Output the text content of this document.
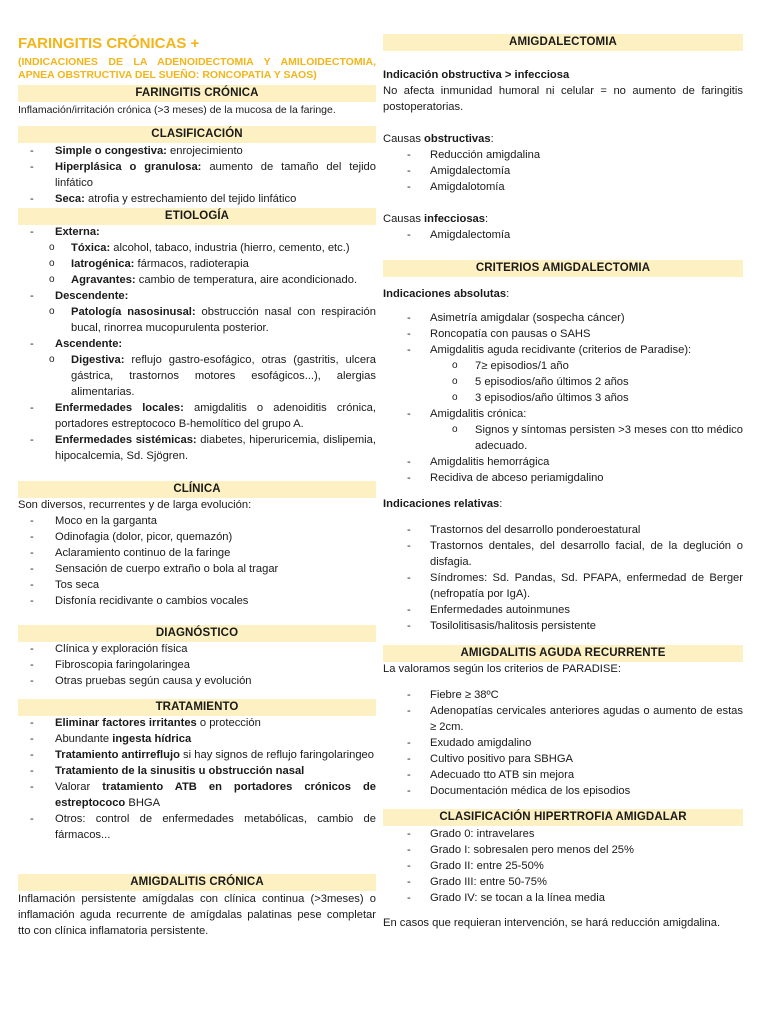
FARINGITIS CRÓNICAS +
(INDICACIONES DE LA ADENOIDECTOMIA Y AMILOIDECTOMIA, APNEA OBSTRUCTIVA DEL SUEÑO: RONCOPATIA Y SAOS)
FARINGITIS CRÓNICA
Inflamación/irritación crónica (>3 meses) de la mucosa de la faringe.
CLASIFICACIÓN
- Simple o congestiva: enrojecimiento
- Hiperplásica o granulosa: aumento de tamaño del tejido linfático
- Seca: atrofia y estrechamiento del tejido linfático
ETIOLOGÍA
- Externa:
o Tóxica: alcohol, tabaco, industria (hierro, cemento, etc.)
o Iatrogénica: fármacos, radioterapia
o Agravantes: cambio de temperatura, aire acondicionado.
- Descendente:
o Patología nasosinusal: obstrucción nasal con respiración bucal, rinorrea mucopurulenta posterior.
- Ascendente:
o Digestiva: reflujo gastro-esofágico, otras (gastritis, ulcera gástrica, trastornos motores esofágicos...), alergias alimentarias.
- Enfermedades locales: amigdalitis o adenoiditis crónica, portadores estreptococo B-hemolítico del grupo A.
- Enfermedades sistémicas: diabetes, hiperuricemia, dislipemia, hipocalcemia, Sd. Sjögren.
CLÍNICA
Son diversos, recurrentes y de larga evolución:
- Moco en la garganta
- Odinofagia (dolor, picor, quemazón)
- Aclaramiento continuo de la faringe
- Sensación de cuerpo extraño o bola al tragar
- Tos seca
- Disfonía recidivante o cambios vocales
DIAGNÓSTICO
- Clínica y exploración física
- Fibroscopia faringolaringea
- Otras pruebas según causa y evolución
TRATAMIENTO
- Eliminar factores irritantes o protección
- Abundante ingesta hídrica
- Tratamiento antirreflujo si hay signos de reflujo faringolaringeo
- Tratamiento de la sinusitis u obstrucción nasal
- Valorar tratamiento ATB en portadores crónicos de estreptococo BHGA
- Otros: control de enfermedades metabólicas, cambio de fármacos...
AMIGDALITIS CRÓNICA
Inflamación persistente amígdalas con clínica continua (>3meses) o inflamación aguda recurrente de amígdalas palatinas pese completar tto con clínica inflamatoria persistente.
AMIGDALECTOMIA
Indicación obstructiva > infecciosa
No afecta inmunidad humoral ni celular = no aumento de faringitis postoperatorias.
Causas obstructivas:
- Reducción amigdalina
- Amigdalectomía
- Amigdalotomía
Causas infecciosas:
- Amigdalectomía
CRITERIOS AMIGDALECTOMIA
Indicaciones absolutas:
- Asimetría amigdalar (sospecha cáncer)
- Roncopatía con pausas o SAHS
- Amigdalitis aguda recidivante (criterios de Paradise):
o 7≥ episodios/1 año
o 5 episodios/año últimos 2 años
o 3 episodios/año últimos 3 años
- Amigdalitis crónica:
o Signos y síntomas persisten >3 meses con tto médico adecuado.
- Amigdalitis hemorrágica
- Recidiva de abceso periamigdalino
Indicaciones relativas:
- Trastornos del desarrollo ponderoestatural
- Trastornos dentales, del desarrollo facial, de la deglución o disfagia.
- Síndromes: Sd. Pandas, Sd. PFAPA, enfermedad de Berger (nefropatía por IgA).
- Enfermedades autoinmunes
- Tosilolitisasis/halitosis persistente
AMIGDALITIS AGUDA RECURRENTE
La valoramos según los criterios de PARADISE:
- Fiebre ≥ 38ºC
- Adenopatías cervicales anteriores agudas o aumento de estas ≥ 2cm.
- Exudado amigdalino
- Cultivo positivo para SBHGA
- Adecuado tto ATB sin mejora
- Documentación médica de los episodios
CLASIFICACIÓN HIPERTROFIA AMIGDALAR
- Grado 0: intravelares
- Grado I: sobresalen pero menos del 25%
- Grado II: entre 25-50%
- Grado III: entre 50-75%
- Grado IV: se tocan a la línea media
En casos que requieran intervención, se hará reducción amigdalina.
